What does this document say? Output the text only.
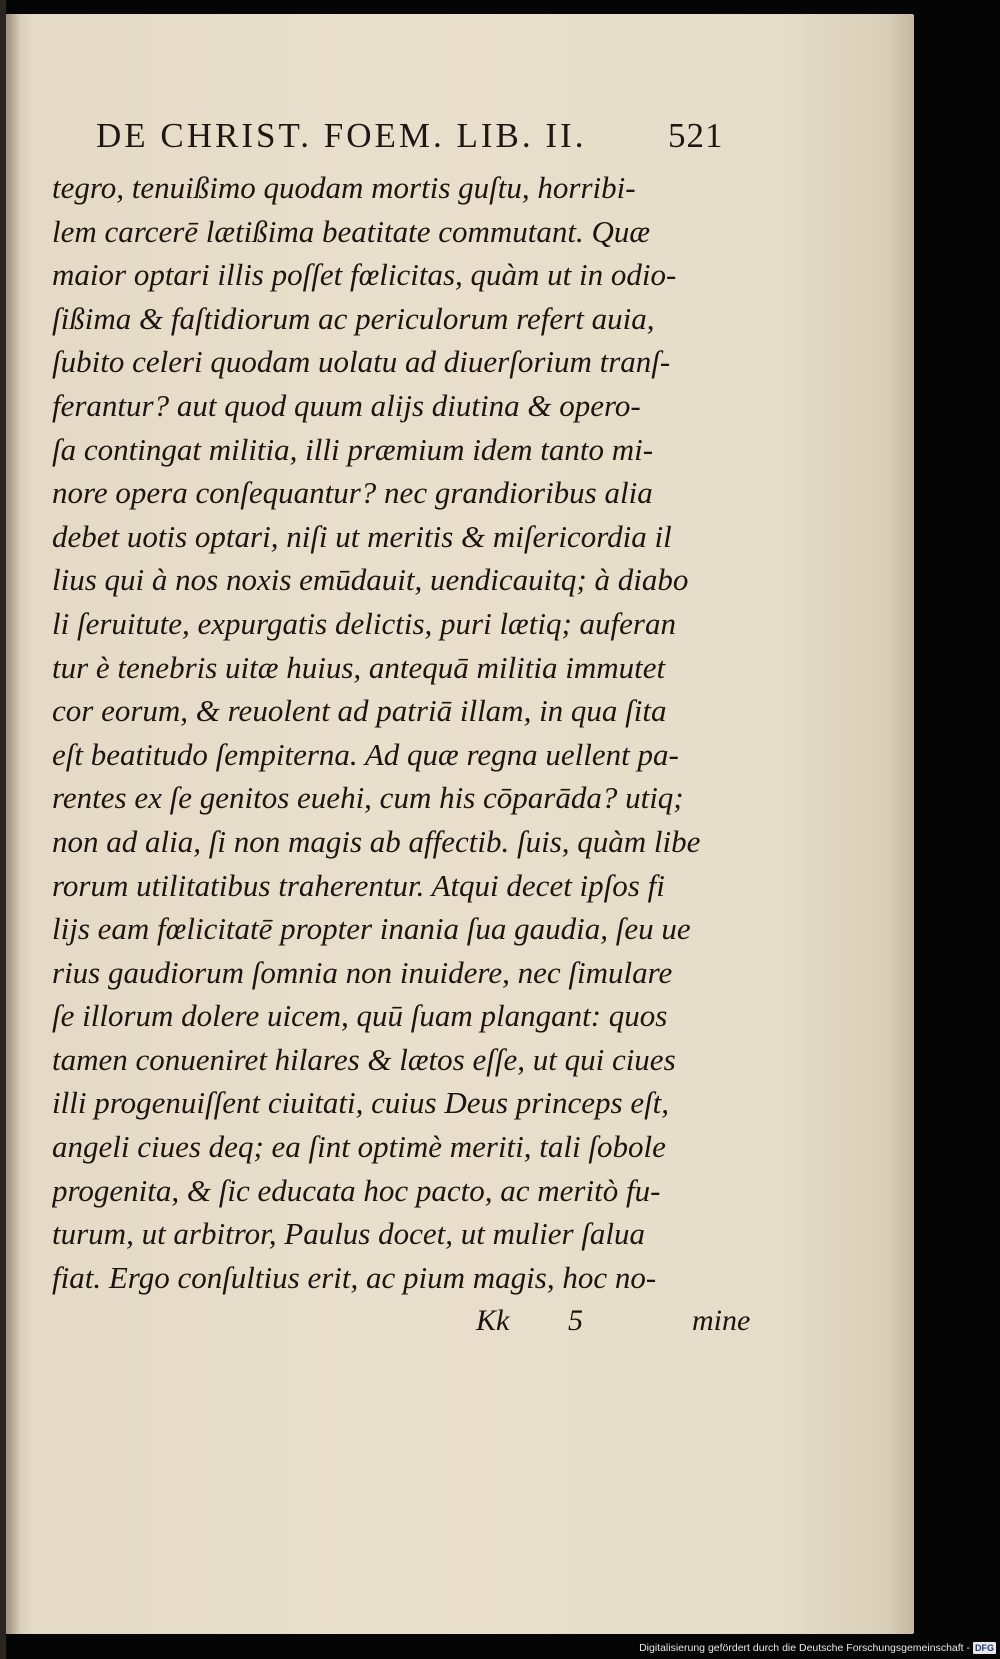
DE CHRIST. FOEM. LIB. II. 521
tegro, tenuißimo quodam mortis guſtu, horribi-
lem carcerē lætißima beatitate commutant. Quæ
maior optari illis poſſet fœlicitas, quàm ut in odio-
ſißima & faſtidiorum ac periculorum refert auia,
ſubito celeri quodam uolatu ad diuerſorium tranſ-
ferantur? aut quod quum alijs diutina & opero-
ſa contingat militia, illi præmium idem tanto mi-
nore opera conſequantur? nec grandioribus alia
debet uotis optari, niſi ut meritis & miſericordia il
lius qui à nos noxis emūdauit, uendicauitq; à diabo
li ſeruitute, expurgatis delictis, puri lætiq; auferan
tur è tenebris uitæ huius, antequā militia immutet
cor eorum, & reuolent ad patriā illam, in qua ſita
eſt beatitudo ſempiterna. Ad quæ regna uellent pa-
rentes ex ſe genitos euehi, cum his cōparāda? utiq;
non ad alia, ſi non magis ab affectib. ſuis, quàm libe
rorum utilitatibus traherentur. Atqui decet ipſos fi
lijs eam fœlicitatē propter inania ſua gaudia, ſeu ue
rius gaudiorum ſomnia non inuidere, nec ſimulare
ſe illorum dolere uicem, quū ſuam plangant: quos
tamen conueniret hilares & lætos eſſe, ut qui ciues
illi progenuiſſent ciuitati, cuius Deus princeps eſt,
angeli ciues deq; ea ſint optimè meriti, tali ſobole
progenita, & ſic educata hoc pacto, ac meritò fu-
turum, ut arbitror, Paulus docet, ut mulier ſalua
fiat. Ergo conſultius erit, ac pium magis, hoc no-
Kk 5	mine
Digitalisierung gefördert durch die Deutsche Forschungsgemeinschaft - DFG
